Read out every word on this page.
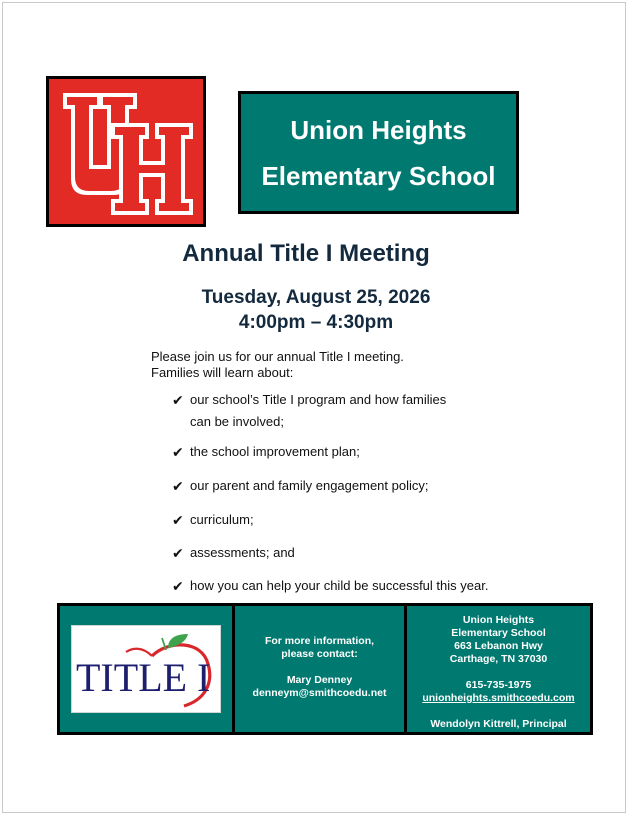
Union Heights
Elementary School
Annual Title I Meeting
Tuesday, August 25, 2026
4:00pm – 4:30pm
Please join us for our annual Title I meeting.
Families will learn about:
✔ our school’s Title I program and how families
can be involved;
✔ the school improvement plan;
✔ our parent and family engagement policy;
✔ curriculum;
✔ assessments; and
✔ how you can help your child be successful this year.
TITLE I
For more information,
please contact:
Mary Denney
denneym@smithcoedu.net
Union Heights
Elementary School
663 Lebanon Hwy
Carthage, TN 37030
615-735-1975
unionheights.smithcoedu.com
Wendolyn Kittrell, Principal
